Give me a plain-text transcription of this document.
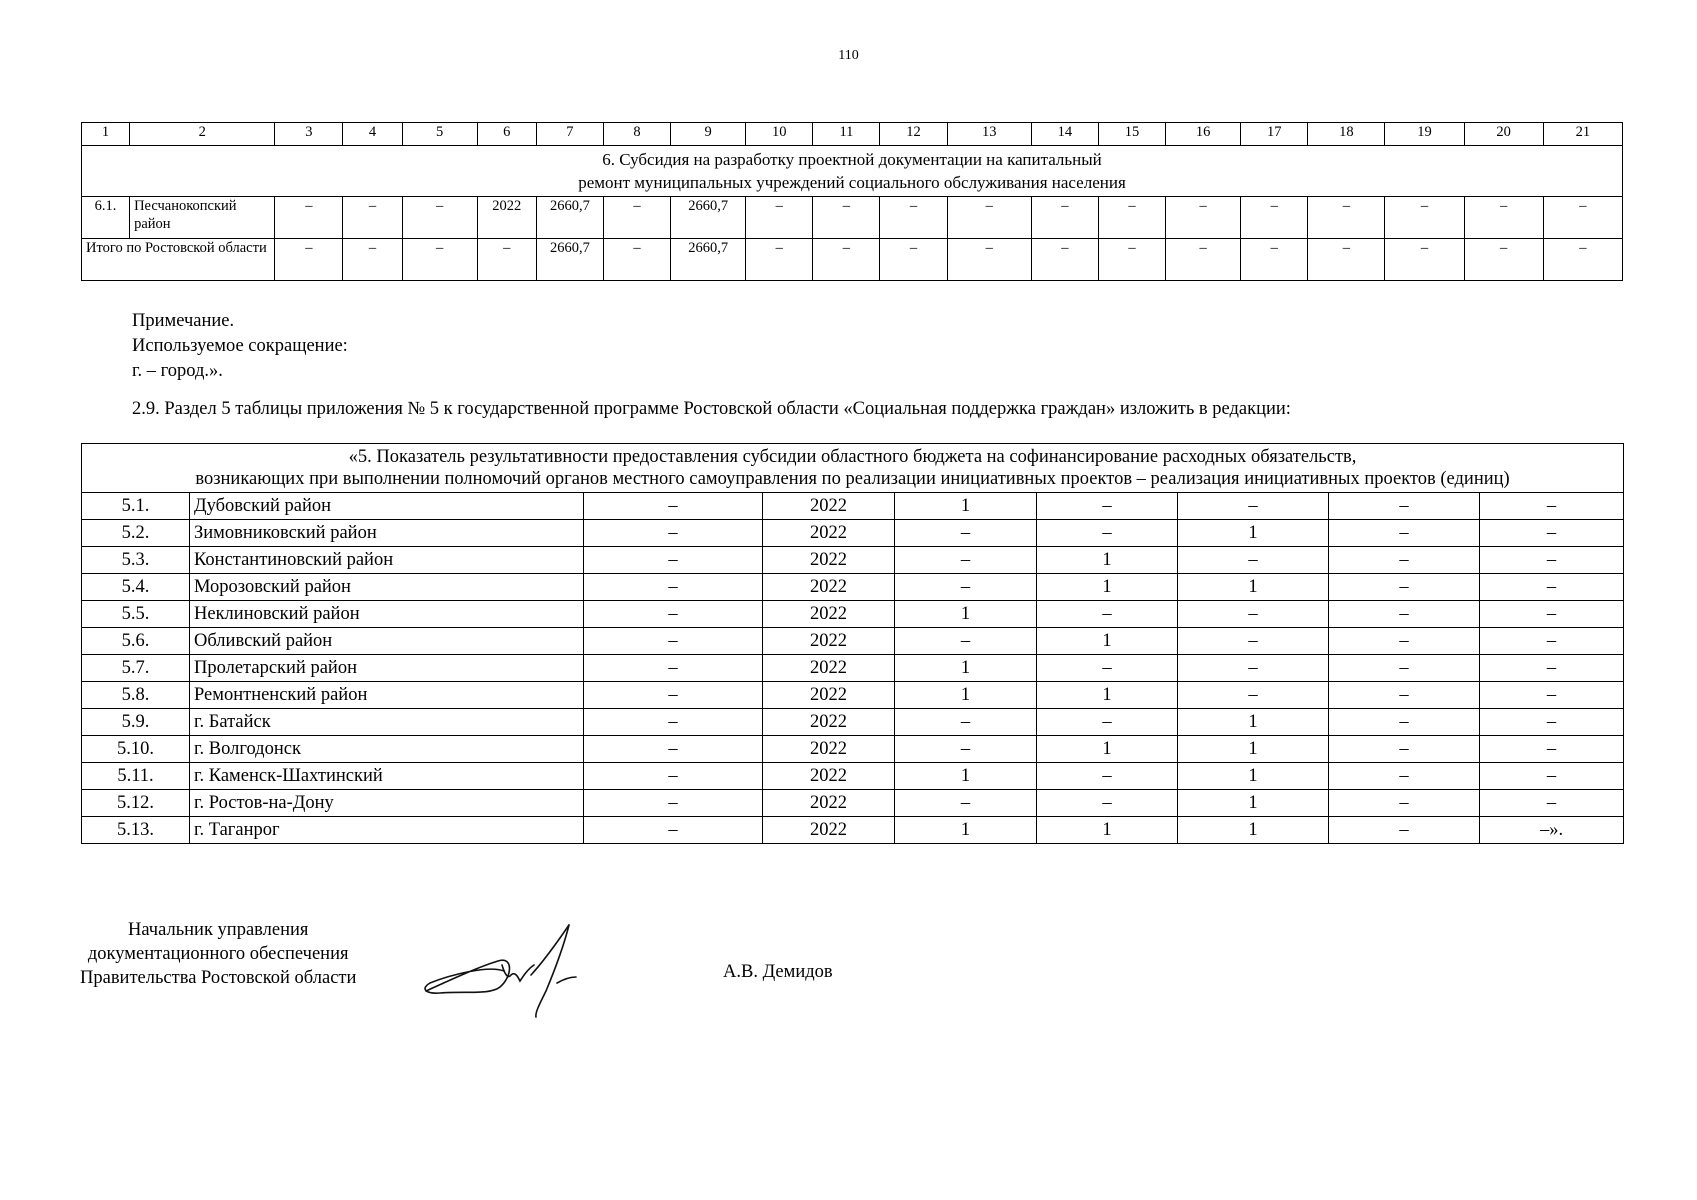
110
1	2	3	4	5	6	7	8	9	10	11	12	13	14	15	16	17	18	19	20	21

6. Субсидия на разработку проектной документации на капитальный
ремонт муниципальных учреждений социального обслуживания населения																				

6.1.	Песчанокопский район	–	–	–	2022	2660,7	–	2660,7	–	–	–	–	–	–	–	–	–	–	–	–
Итого по Ростовской области		–	–	–	–	2660,7	–	2660,7	–	–	–	–	–	–	–	–	–	–	–	–
Примечание.
Используемое сокращение:
г. – город.».
2.9. Раздел 5 таблицы приложения № 5 к государственной программе Ростовской области «Социальная поддержка граждан» изложить в редакции:
«5. Показатель результативности предоставления субсидии областного бюджета на софинансирование расходных обязательств,
возникающих при выполнении полномочий органов местного самоуправления по реализации инициативных проектов – реализация инициативных проектов (единиц)								

5.1.	Дубовский район	–	2022	1	–	–	–	–
5.2.	Зимовниковский район	–	2022	–	–	1	–	–
5.3.	Константиновский район	–	2022	–	1	–	–	–
5.4.	Морозовский район	–	2022	–	1	1	–	–
5.5.	Неклиновский район	–	2022	1	–	–	–	–
5.6.	Обливский район	–	2022	–	1	–	–	–
5.7.	Пролетарский район	–	2022	1	–	–	–	–
5.8.	Ремонтненский район	–	2022	1	1	–	–	–
5.9.	г. Батайск	–	2022	–	–	1	–	–
5.10.	г. Волгодонск	–	2022	–	1	1	–	–
5.11.	г. Каменск-Шахтинский	–	2022	1	–	1	–	–
5.12.	г. Ростов-на-Дону	–	2022	–	–	1	–	–
5.13.	г. Таганрог	–	2022	1	1	1	–	–».
Начальник управления
документационного обеспечения
Правительства Ростовской области	А.В. Демидов
